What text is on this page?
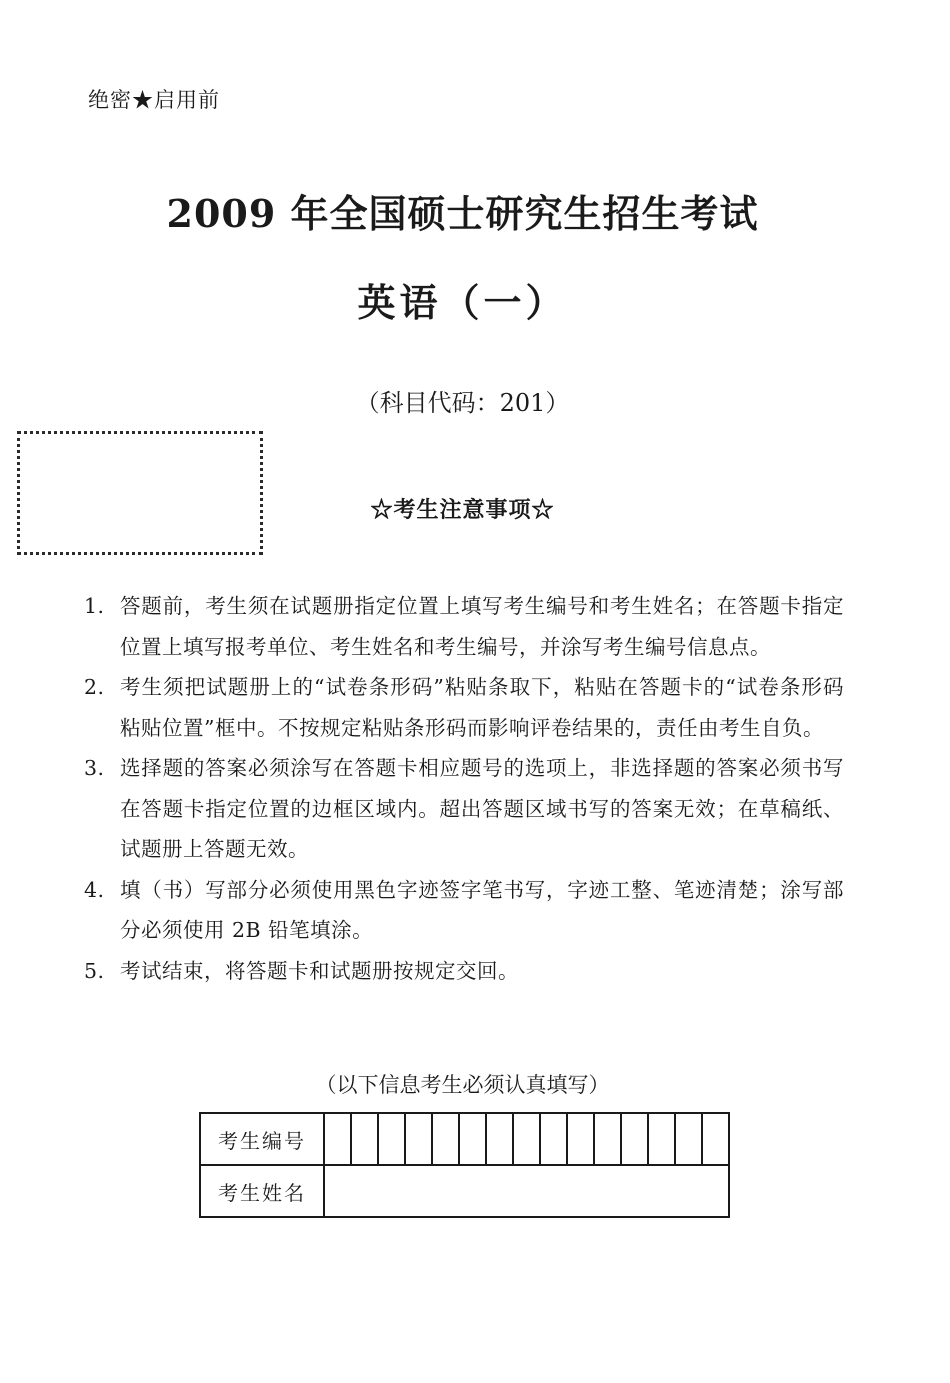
绝密★启用前
2009 年全国硕士研究生招生考试
英语（一）
（科目代码：201）
☆考生注意事项☆
1. 答题前，考生须在试题册指定位置上填写考生编号和考生姓名；在答题卡指定位置上填写报考单位、考生姓名和考生编号，并涂写考生编号信息点。
2. 考生须把试题册上的“试卷条形码”粘贴条取下，粘贴在答题卡的“试卷条形码粘贴位置”框中。不按规定粘贴条形码而影响评卷结果的，责任由考生自负。
3. 选择题的答案必须涂写在答题卡相应题号的选项上，非选择题的答案必须书写在答题卡指定位置的边框区域内。超出答题区域书写的答案无效；在草稿纸、试题册上答题无效。
4. 填（书）写部分必须使用黑色字迹签字笔书写，字迹工整、笔迹清楚；涂写部分必须使用 2B 铅笔填涂。
5. 考试结束，将答题卡和试题册按规定交回。
（以下信息考生必须认真填写）
考生编号
考生姓名
